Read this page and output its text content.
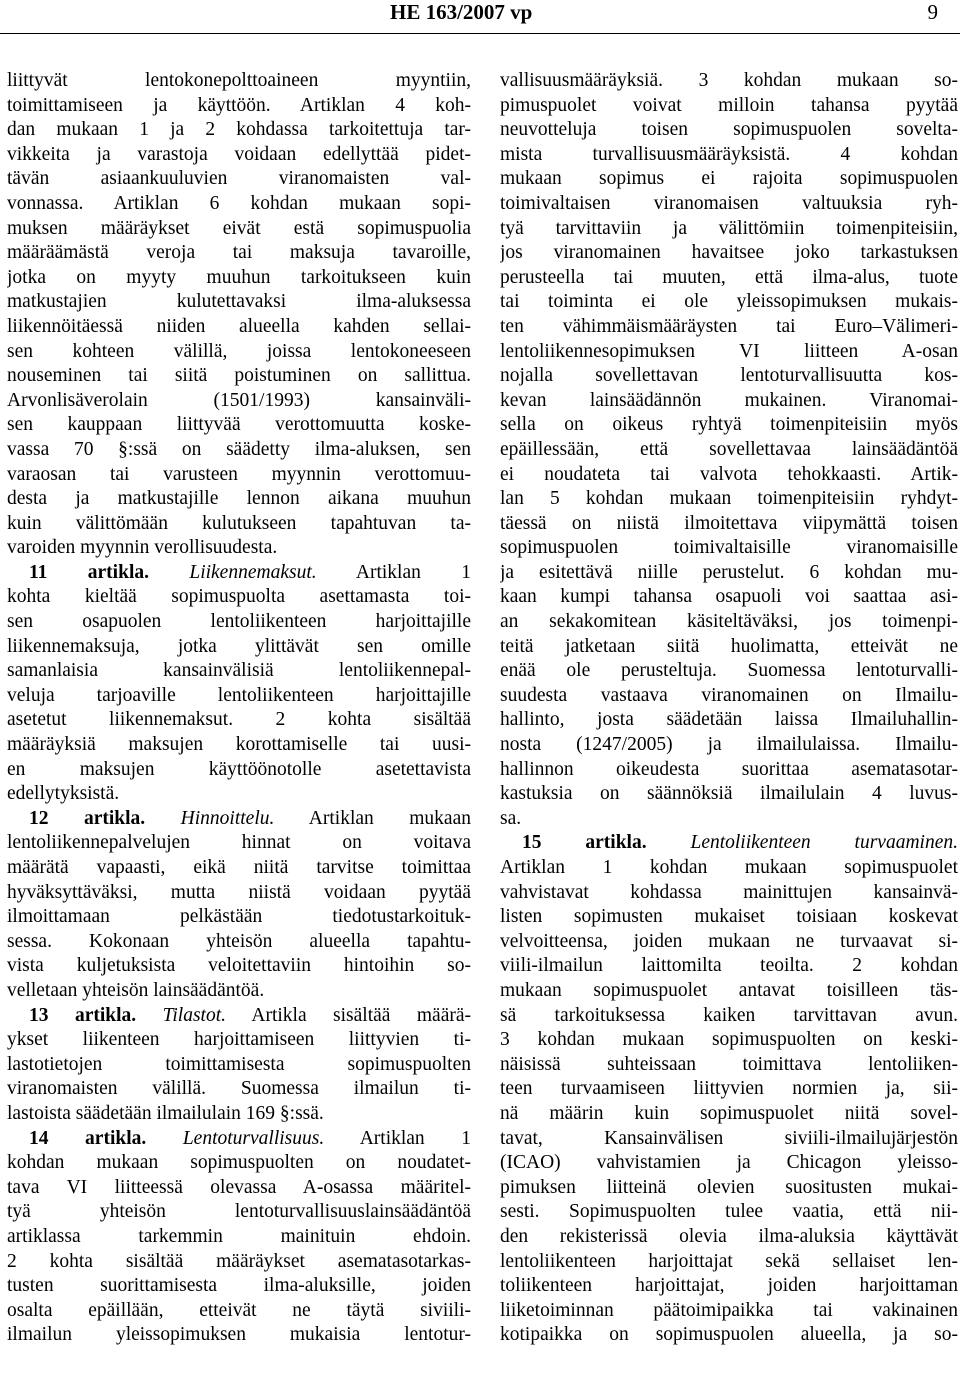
HE 163/2007 vp	9
liittyvät lentokonepolttoaineen myyntiin,
toimittamiseen ja käyttöön. Artiklan 4 koh-
dan mukaan 1 ja 2 kohdassa tarkoitettuja tar-
vikkeita ja varastoja voidaan edellyttää pidet-
tävän asiaankuuluvien viranomaisten val-
vonnassa. Artiklan 6 kohdan mukaan sopi-
muksen määräykset eivät estä sopimuspuolia
määräämästä veroja tai maksuja tavaroille,
jotka on myyty muuhun tarkoitukseen kuin
matkustajien kulutettavaksi ilma-aluksessa
liikennöitäessä niiden alueella kahden sellai-
sen kohteen välillä, joissa lentokoneeseen
nouseminen tai siitä poistuminen on sallittua.
Arvonlisäverolain (1501/1993) kansainväli-
sen kauppaan liittyvää verottomuutta koske-
vassa 70 §:ssä on säädetty ilma-aluksen, sen
varaosan tai varusteen myynnin verottomuu-
desta ja matkustajille lennon aikana muuhun
kuin välittömään kulutukseen tapahtuvan ta-
varoiden myynnin verollisuudesta.
11 artikla. Liikennemaksut. Artiklan 1
kohta kieltää sopimuspuolta asettamasta toi-
sen osapuolen lentoliikenteen harjoittajille
liikennemaksuja, jotka ylittävät sen omille
samanlaisia kansainvälisiä lentoliikennepal-
veluja tarjoaville lentoliikenteen harjoittajille
asetetut liikennemaksut. 2 kohta sisältää
määräyksiä maksujen korottamiselle tai uusi-
en maksujen käyttöönotolle asetettavista
edellytyksistä.
12 artikla. Hinnoittelu. Artiklan mukaan
lentoliikennepalvelujen hinnat on voitava
määrätä vapaasti, eikä niitä tarvitse toimittaa
hyväksyttäväksi, mutta niistä voidaan pyytää
ilmoittamaan pelkästään tiedotustarkoituk-
sessa. Kokonaan yhteisön alueella tapahtu-
vista kuljetuksista veloitettaviin hintoihin so-
velletaan yhteisön lainsäädäntöä.
13 artikla. Tilastot. Artikla sisältää määrä-
ykset liikenteen harjoittamiseen liittyvien ti-
lastotietojen toimittamisesta sopimuspuolten
viranomaisten välillä. Suomessa ilmailun ti-
lastoista säädetään ilmailulain 169 §:ssä.
14 artikla. Lentoturvallisuus. Artiklan 1
kohdan mukaan sopimuspuolten on noudatet-
tava VI liitteessä olevassa A-osassa määritel-
tyä yhteisön lentoturvallisuuslainsäädäntöä
artiklassa tarkemmin mainituin ehdoin.
2 kohta sisältää määräykset asematasotarkas-
tusten suorittamisesta ilma-aluksille, joiden
osalta epäillään, etteivät ne täytä siviili-
ilmailun yleissopimuksen mukaisia lentotur-
vallisuusmääräyksiä. 3 kohdan mukaan so-
pimuspuolet voivat milloin tahansa pyytää
neuvotteluja toisen sopimuspuolen sovelta-
mista turvallisuusmääräyksistä. 4 kohdan
mukaan sopimus ei rajoita sopimuspuolen
toimivaltaisen viranomaisen valtuuksia ryh-
tyä tarvittaviin ja välittömiin toimenpiteisiin,
jos viranomainen havaitsee joko tarkastuksen
perusteella tai muuten, että ilma-alus, tuote
tai toiminta ei ole yleissopimuksen mukais-
ten vähimmäismääräysten tai Euro–Välimeri-
lentoliikennesopimuksen VI liitteen A-osan
nojalla sovellettavan lentoturvallisuutta kos-
kevan lainsäädännön mukainen. Viranomai-
sella on oikeus ryhtyä toimenpiteisiin myös
epäillessään, että sovellettavaa lainsäädäntöä
ei noudateta tai valvota tehokkaasti. Artik-
lan 5 kohdan mukaan toimenpiteisiin ryhdyt-
täessä on niistä ilmoitettava viipymättä toisen
sopimuspuolen toimivaltaisille viranomaisille
ja esitettävä niille perustelut. 6 kohdan mu-
kaan kumpi tahansa osapuoli voi saattaa asi-
an sekakomitean käsiteltäväksi, jos toimenpi-
teitä jatketaan siitä huolimatta, etteivät ne
enää ole perusteltuja. Suomessa lentoturvalli-
suudesta vastaava viranomainen on Ilmailu-
hallinto, josta säädetään laissa Ilmailuhallin-
nosta (1247/2005) ja ilmailulaissa. Ilmailu-
hallinnon oikeudesta suorittaa asematasotar-
kastuksia on säännöksiä ilmailulain 4 luvus-
sa.
15 artikla. Lentoliikenteen turvaaminen.
Artiklan 1 kohdan mukaan sopimuspuolet
vahvistavat kohdassa mainittujen kansainvä-
listen sopimusten mukaiset toisiaan koskevat
velvoitteensa, joiden mukaan ne turvaavat si-
viili-ilmailun laittomilta teoilta. 2 kohdan
mukaan sopimuspuolet antavat toisilleen täs-
sä tarkoituksessa kaiken tarvittavan avun.
3 kohdan mukaan sopimuspuolten on keski-
näisissä suhteissaan toimittava lentoliiken-
teen turvaamiseen liittyvien normien ja, sii-
nä määrin kuin sopimuspuolet niitä sovel-
tavat, Kansainvälisen siviili-ilmailujärjestön
(ICAO) vahvistamien ja Chicagon yleisso-
pimuksen liitteinä olevien suositusten mukai-
sesti. Sopimuspuolten tulee vaatia, että nii-
den rekisterissä olevia ilma-aluksia käyttävät
lentoliikenteen harjoittajat sekä sellaiset len-
toliikenteen harjoittajat, joiden harjoittaman
liiketoiminnan päätoimipaikka tai vakinainen
kotipaikka on sopimuspuolen alueella, ja so-
